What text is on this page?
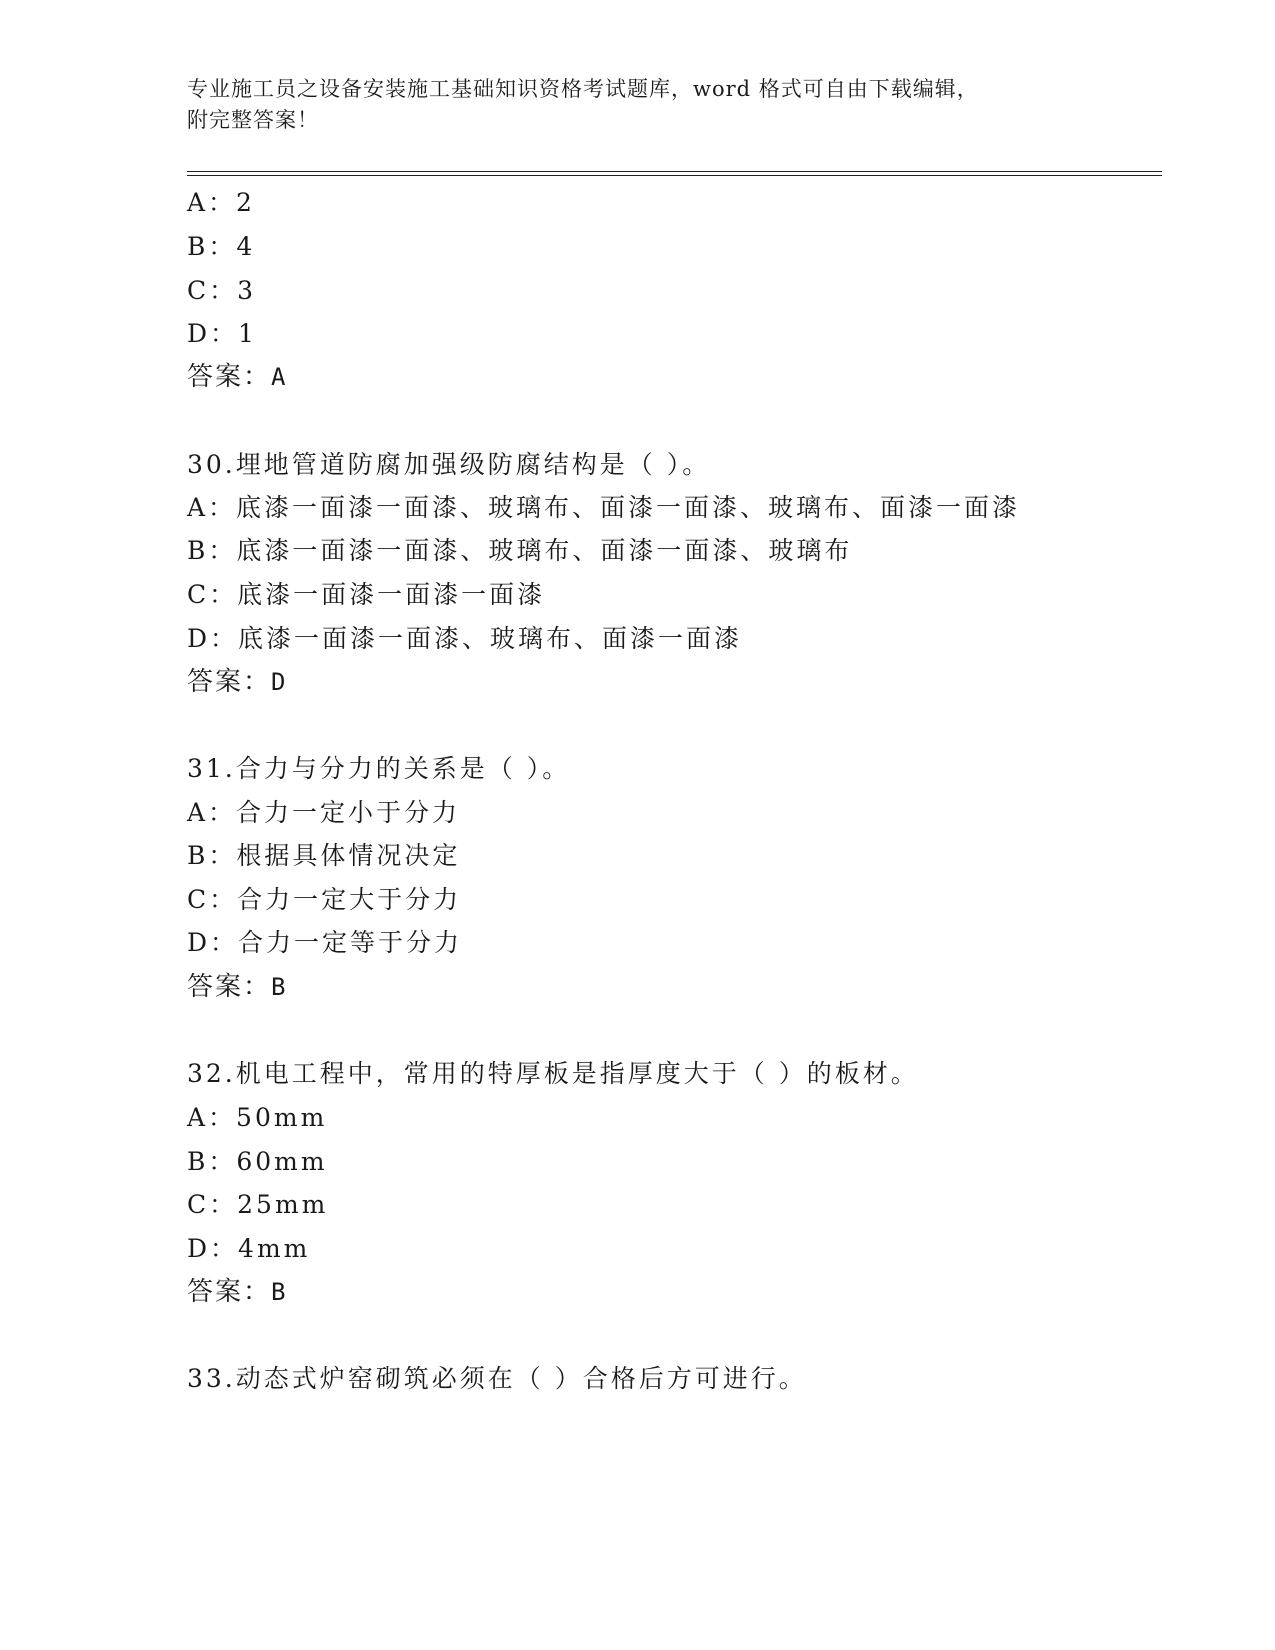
专业施工员之设备安装施工基础知识资格考试题库，word 格式可自由下载编辑，
附完整答案！
A：2
B：4
C：3
D：1
答案：A
30.埋地管道防腐加强级防腐结构是（ ）。
A：底漆一面漆一面漆、玻璃布、面漆一面漆、玻璃布、面漆一面漆
B：底漆一面漆一面漆、玻璃布、面漆一面漆、玻璃布
C：底漆一面漆一面漆一面漆
D：底漆一面漆一面漆、玻璃布、面漆一面漆
答案：D
31.合力与分力的关系是（ ）。
A：合力一定小于分力
B：根据具体情况决定
C：合力一定大于分力
D：合力一定等于分力
答案：B
32.机电工程中，常用的特厚板是指厚度大于（ ）的板材。
A：50mm
B：60mm
C：25mm
D：4mm
答案：B
33.动态式炉窑砌筑必须在（ ）合格后方可进行。
